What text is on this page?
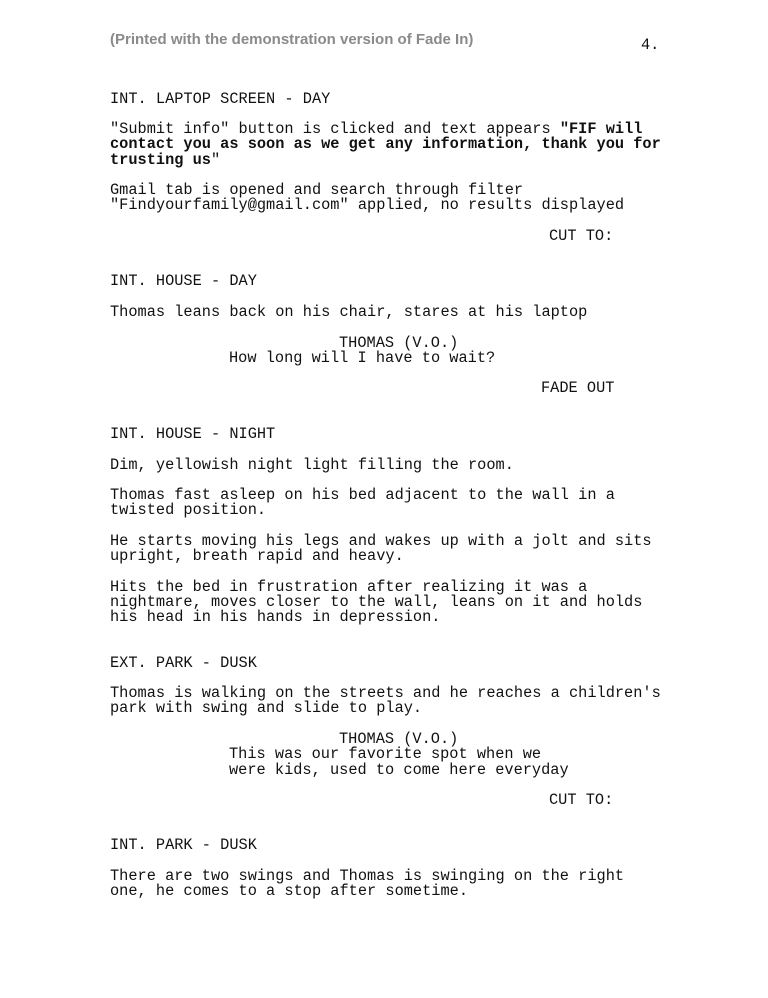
(Printed with the demonstration version of Fade In)	4.
INT. LAPTOP SCREEN - DAY
"Submit info" button is clicked and text appears "FIF will
contact you as soon as we get any information, thank you for
trusting us"
Gmail tab is opened and search through filter
"Findyourfamily@gmail.com" applied, no results displayed
CUT TO:
INT. HOUSE - DAY
Thomas leans back on his chair, stares at his laptop
THOMAS (V.O.)
How long will I have to wait?
FADE OUT
INT. HOUSE - NIGHT
Dim, yellowish night light filling the room.
Thomas fast asleep on his bed adjacent to the wall in a
twisted position.
He starts moving his legs and wakes up with a jolt and sits
upright, breath rapid and heavy.
Hits the bed in frustration after realizing it was a
nightmare, moves closer to the wall, leans on it and holds
his head in his hands in depression.
EXT. PARK - DUSK
Thomas is walking on the streets and he reaches a children's
park with swing and slide to play.
THOMAS (V.O.)
This was our favorite spot when we
were kids, used to come here everyday
CUT TO:
INT. PARK - DUSK
There are two swings and Thomas is swinging on the right
one, he comes to a stop after sometime.
